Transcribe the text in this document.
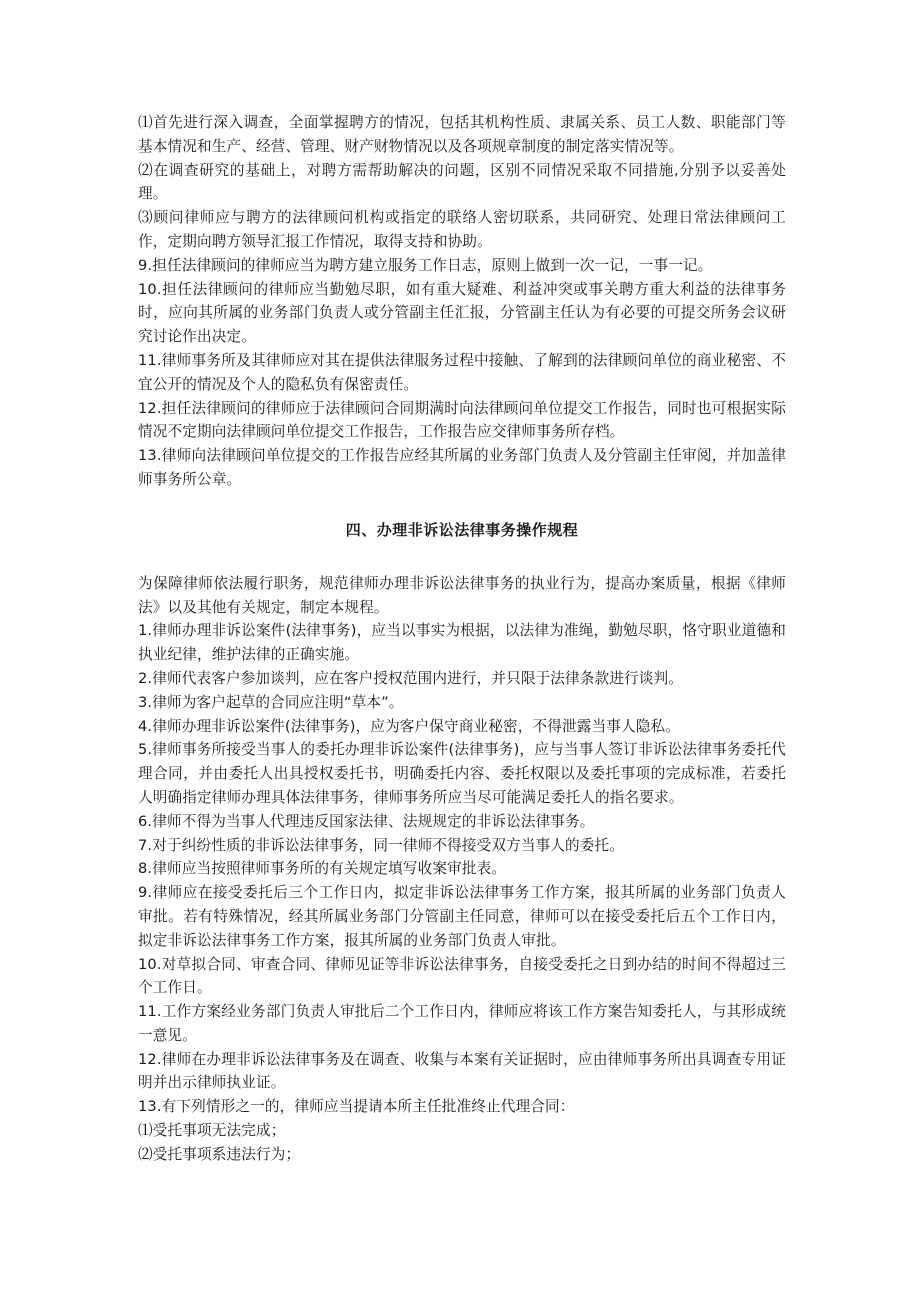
⑴首先进行深入调查，全面掌握聘方的情况，包括其机构性质、隶属关系、员工人数、职能部门等基本情况和生产、经营、管理、财产财物情况以及各项规章制度的制定落实情况等。

⑵在调查研究的基础上，对聘方需帮助解决的问题，区别不同情况采取不同措施,分别予以妥善处理。

⑶顾问律师应与聘方的法律顾问机构或指定的联络人密切联系，共同研究、处理日常法律顾问工作，定期向聘方领导汇报工作情况，取得支持和协助。

9.担任法律顾问的律师应当为聘方建立服务工作日志，原则上做到一次一记，一事一记。

10.担任法律顾问的律师应当勤勉尽职，如有重大疑难、利益冲突或事关聘方重大利益的法律事务时，应向其所属的业务部门负责人或分管副主任汇报，分管副主任认为有必要的可提交所务会议研究讨论作出决定。

11.律师事务所及其律师应对其在提供法律服务过程中接触、了解到的法律顾问单位的商业秘密、不宜公开的情况及个人的隐私负有保密责任。

12.担任法律顾问的律师应于法律顾问合同期满时向法律顾问单位提交工作报告，同时也可根据实际情况不定期向法律顾问单位提交工作报告，工作报告应交律师事务所存档。

13.律师向法律顾问单位提交的工作报告应经其所属的业务部门负责人及分管副主任审阅，并加盖律师事务所公章。

四、办理非诉讼法律事务操作规程

为保障律师依法履行职务，规范律师办理非诉讼法律事务的执业行为，提高办案质量，根据《律师法》以及其他有关规定，制定本规程。

1.律师办理非诉讼案件(法律事务)，应当以事实为根据，以法律为准绳，勤勉尽职，恪守职业道德和执业纪律，维护法律的正确实施。

2.律师代表客户参加谈判，应在客户授权范围内进行，并只限于法律条款进行谈判。

3.律师为客户起草的合同应注明“草本”。

4.律师办理非诉讼案件(法律事务)，应为客户保守商业秘密，不得泄露当事人隐私。

5.律师事务所接受当事人的委托办理非诉讼案件(法律事务)，应与当事人签订非诉讼法律事务委托代理合同，并由委托人出具授权委托书，明确委托内容、委托权限以及委托事项的完成标准，若委托人明确指定律师办理具体法律事务，律师事务所应当尽可能满足委托人的指名要求。

6.律师不得为当事人代理违反国家法律、法规规定的非诉讼法律事务。

7.对于纠纷性质的非诉讼法律事务，同一律师不得接受双方当事人的委托。

8.律师应当按照律师事务所的有关规定填写收案审批表。

9.律师应在接受委托后三个工作日内，拟定非诉讼法律事务工作方案，报其所属的业务部门负责人审批。若有特殊情况，经其所属业务部门分管副主任同意，律师可以在接受委托后五个工作日内，拟定非诉讼法律事务工作方案，报其所属的业务部门负责人审批。

10.对草拟合同、审查合同、律师见证等非诉讼法律事务，自接受委托之日到办结的时间不得超过三个工作日。

11.工作方案经业务部门负责人审批后二个工作日内，律师应将该工作方案告知委托人，与其形成统一意见。

12.律师在办理非诉讼法律事务及在调查、收集与本案有关证据时，应由律师事务所出具调查专用证明并出示律师执业证。

13.有下列情形之一的，律师应当提请本所主任批准终止代理合同：

⑴受托事项无法完成；

⑵受托事项系违法行为；
